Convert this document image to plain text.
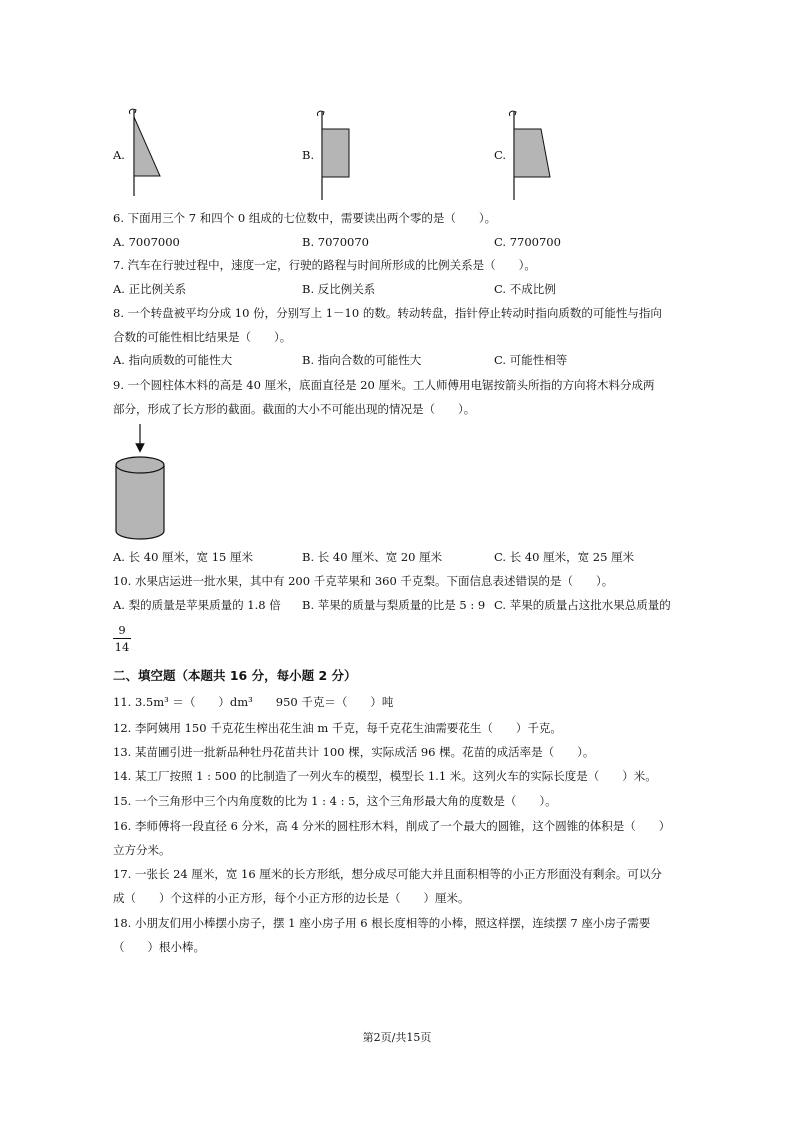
A.	B.	C.
6. 下面用三个 7 和四个 0 组成的七位数中，需要读出两个零的是（　　）。
A. 7007000	B. 7070070	C. 7700700
7. 汽车在行驶过程中，速度一定，行驶的路程与时间所形成的比例关系是（　　）。
A. 正比例关系	B. 反比例关系	C. 不成比例
8. 一个转盘被平均分成 10 份，分别写上 1－10 的数。转动转盘，指针停止转动时指向质数的可能性与指向
合数的可能性相比结果是（　　）。
A. 指向质数的可能性大	B. 指向合数的可能性大	C. 可能性相等
9. 一个圆柱体木料的高是 40 厘米，底面直径是 20 厘米。工人师傅用电锯按箭头所指的方向将木料分成两
部分，形成了长方形的截面。截面的大小不可能出现的情况是（　　）。
A. 长 40 厘米，宽 15 厘米	B. 长 40 厘米、宽 20 厘米	C. 长 40 厘米，宽 25 厘米
10. 水果店运进一批水果，其中有 200 千克苹果和 360 千克梨。下面信息表述错误的是（　　）。
A. 梨的质量是苹果质量的 1.8 倍 B. 苹果的质量与梨质量的比是 5 : 9 C. 苹果的质量占这批水果总质量的
9
14
二、填空题（本题共 16 分，每小题 2 分）
11. 3.5m³ ＝（　　）dm³　　950 千克＝（　　）吨
12. 李阿姨用 150 千克花生榨出花生油 m 千克，每千克花生油需要花生（　　）千克。
13. 某苗圃引进一批新品种牡丹花苗共计 100 棵，实际成活 96 棵。花苗的成活率是（　　）。
14. 某工厂按照 1 : 500 的比制造了一列火车的模型，模型长 1.1 米。这列火车的实际长度是（　　）米。
15. 一个三角形中三个内角度数的比为 1 : 4 : 5，这个三角形最大角的度数是（　　）。
16. 李师傅将一段直径 6 分米，高 4 分米的圆柱形木料，削成了一个最大的圆锥，这个圆锥的体积是（　　）
立方分米。
17. 一张长 24 厘米，宽 16 厘米的长方形纸，想分成尽可能大并且面积相等的小正方形面没有剩余。可以分
成（　　）个这样的小正方形，每个小正方形的边长是（　　）厘米。
18. 小朋友们用小棒摆小房子，摆 1 座小房子用 6 根长度相等的小棒，照这样摆，连续摆 7 座小房子需要
（　　）根小棒。
第2页/共15页
